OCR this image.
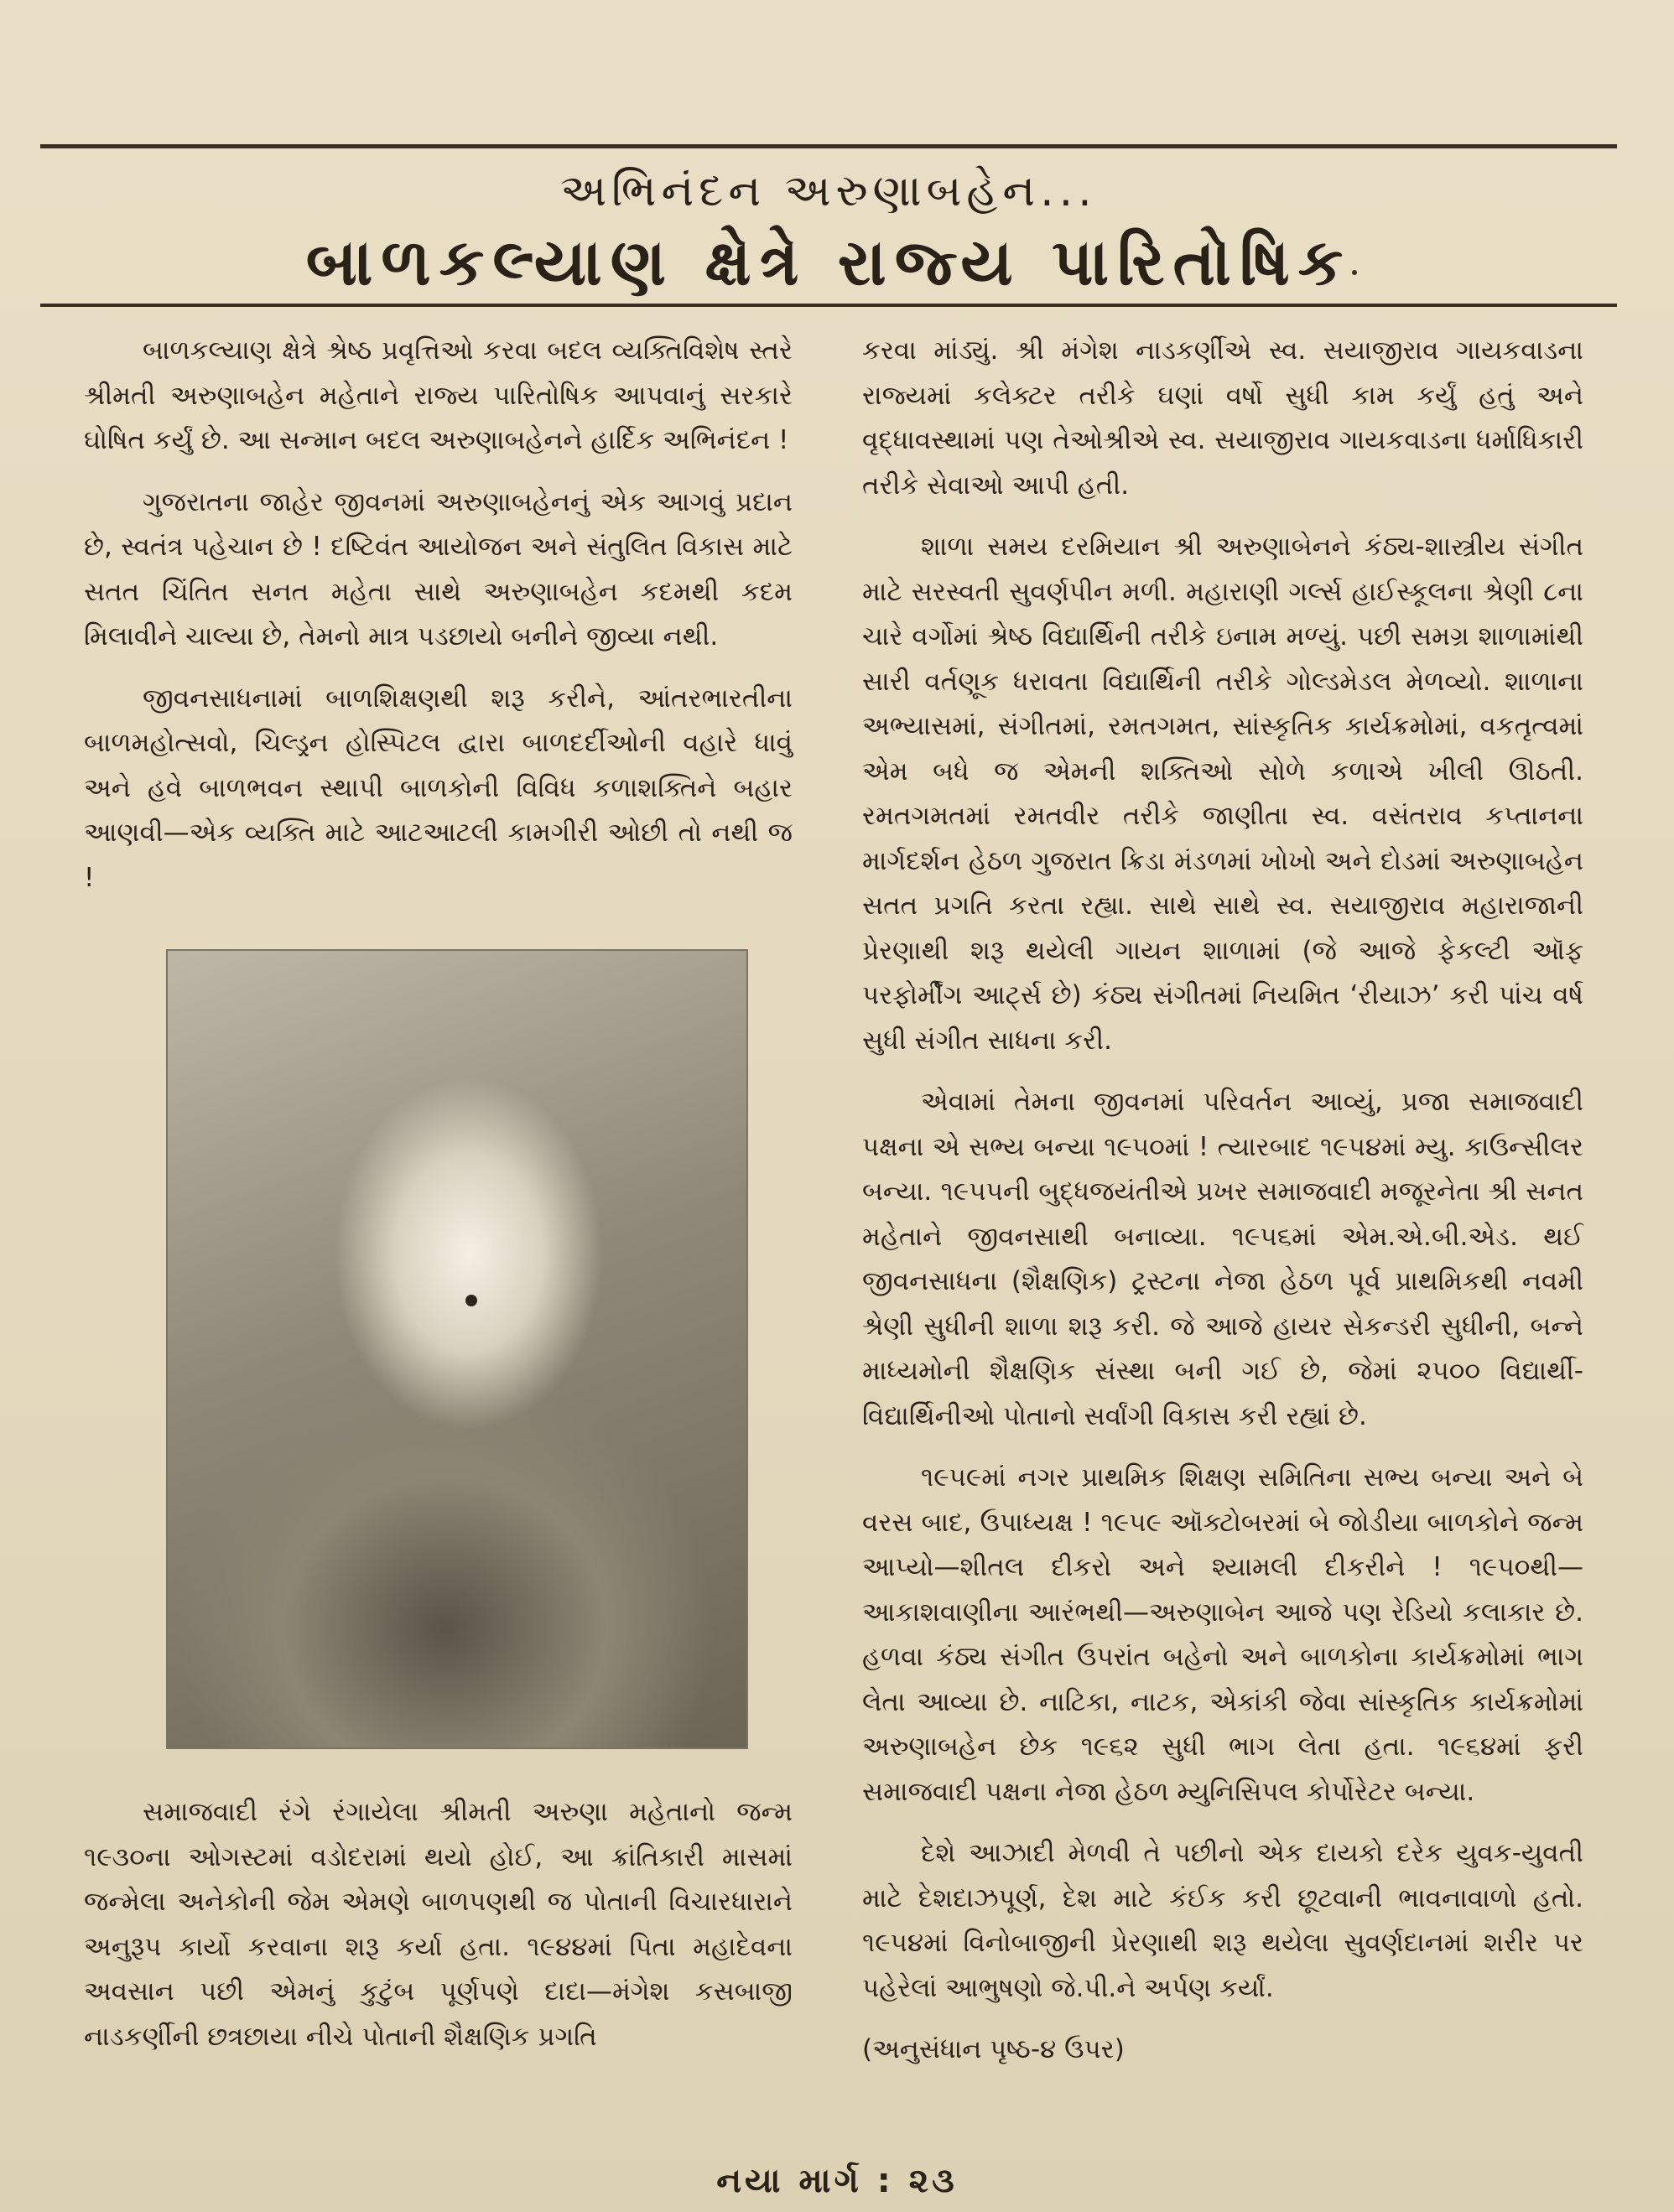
અભિનંદન અરુણાબહેન...
બાળકલ્યાણ ક્ષેત્રે રાજ્ય પારિતોષિક

બાળકલ્યાણ ક્ષેત્રે શ્રેષ્ઠ પ્રવૃત્તિઓ કરવા બદલ વ્યક્તિવિશેષ સ્તરે શ્રીમતી અરુણાબહેન મહેતાને રાજ્ય પારિતોષિક આપવાનું સરકારે ઘોષિત કર્યું છે. આ સન્માન બદલ અરુણાબહેનને હાર્દિક અભિનંદન !

ગુજરાતના જાહેર જીવનમાં અરુણાબહેનનું એક આગવું પ્રદાન છે, સ્વતંત્ર પહેચાન છે ! દષ્ટિવંત આયોજન અને સંતુલિત વિકાસ માટે સતત ચિંતિત સનત મહેતા સાથે અરુણાબહેન કદમથી કદમ મિલાવીને ચાલ્યા છે, તેમનો માત્ર પડછાયો બનીને જીવ્યા નથી.

જીવનસાધનામાં બાળશિક્ષણથી શરૂ કરીને, આંતરભારતીના બાળમહોત્સવો, ચિલ્ડ્રન હોસ્પિટલ દ્વારા બાળદર્દીઓની વહારે ધાવું અને હવે બાળભવન સ્થાપી બાળકોની વિવિધ કળાશક્તિને બહાર આણવી—એક વ્યક્તિ માટે આટઆટલી કામગીરી ઓછી તો નથી જ !

સમાજવાદી રંગે રંગાયેલા શ્રીમતી અરુણા મહેતાનો જન્મ ૧૯૩૦ના ઓગસ્ટમાં વડોદરામાં થયો હોઈ, આ ક્રાંતિકારી માસમાં જન્મેલા અનેકોની જેમ એમણે બાળપણથી જ પોતાની વિચારધારાને અનુરૂપ કાર્યો કરવાના શરૂ કર્યા હતા. ૧૯૪૪માં પિતા મહાદેવના અવસાન પછી એમનું કુટુંબ પૂર્ણપણે દાદા—મંગેશ કસબાજી નાડકર્ણીની છત્રછાયા નીચે પોતાની શૈક્ષણિક પ્રગતિ

કરવા માંડ્યું. શ્રી મંગેશ નાડકર્ણીએ સ્વ. સયાજીરાવ ગાયકવાડના રાજ્યમાં કલેક્ટર તરીકે ઘણાં વર્ષો સુધી કામ કર્યું હતું અને વૃદ્ધાવસ્થામાં પણ તેઓશ્રીએ સ્વ. સયાજીરાવ ગાયકવાડના ધર્માધિકારી તરીકે સેવાઓ આપી હતી.

શાળા સમય દરમિયાન શ્રી અરુણાબેનને કંઠ્ય-શાસ્ત્રીય સંગીત માટે સરસ્વતી સુવર્ણપીન મળી. મહારાણી ગર્લ્સ હાઈસ્કૂલના શ્રેણી ૮ના ચારે વર્ગોમાં શ્રેષ્ઠ વિદ્યાર્થિની તરીકે ઇનામ મળ્યું. પછી સમગ્ર શાળામાંથી સારી વર્તણૂક ધરાવતા વિદ્યાર્થિની તરીકે ગોલ્ડમેડલ મેળવ્યો. શાળાના અભ્યાસમાં, સંગીતમાં, રમતગમત, સાંસ્કૃતિક કાર્યક્રમોમાં, વકતૃત્વમાં એમ બધે જ એમની શક્તિઓ સોળે કળાએ ખીલી ઊઠતી. રમતગમતમાં રમતવીર તરીકે જાણીતા સ્વ. વસંતરાવ કપ્તાનના માર્ગદર્શન હેઠળ ગુજરાત ક્રિડા મંડળમાં ખોખો અને દોડમાં અરુણાબહેન સતત પ્રગતિ કરતા રહ્યા. સાથે સાથે સ્વ. સયાજીરાવ મહારાજાની પ્રેરણાથી શરૂ થયેલી ગાયન શાળામાં (જે આજે ફેકલ્ટી ઑફ પરફોર્મીંગ આર્ટ્સ છે) કંઠ્ય સંગીતમાં નિયમિત ‘રીયાઝ’ કરી પાંચ વર્ષ સુધી સંગીત સાધના કરી.

એવામાં તેમના જીવનમાં પરિવર્તન આવ્યું, પ્રજા સમાજવાદી પક્ષના એ સભ્ય બન્યા ૧૯૫૦માં ! ત્યારબાદ ૧૯૫૪માં મ્યુ. કાઉન્સીલર બન્યા. ૧૯૫૫ની બુદ્ધજયંતીએ પ્રખર સમાજવાદી મજૂરનેતા શ્રી સનત મહેતાને જીવનસાથી બનાવ્યા. ૧૯૫૬માં એમ.એ.બી.એડ. થઈ જીવનસાધના (શૈક્ષણિક) ટ્રસ્ટના નેજા હેઠળ પૂર્વ પ્રાથમિકથી નવમી શ્રેણી સુધીની શાળા શરૂ કરી. જે આજે હાયર સેકન્ડરી સુધીની, બન્ને માધ્યમોની શૈક્ષણિક સંસ્થા બની ગઈ છે, જેમાં ૨૫૦૦ વિદ્યાર્થી-વિદ્યાર્થિનીઓ પોતાનો સર્વાંગી વિકાસ કરી રહ્યાં છે.

૧૯૫૯માં નગર પ્રાથમિક શિક્ષણ સમિતિના સભ્ય બન્યા અને બે વરસ બાદ, ઉપાધ્યક્ષ ! ૧૯૫૯ ઑક્ટોબરમાં બે જોડીયા બાળકોને જન્મ આપ્યો—શીતલ દીકરો અને શ્યામલી દીકરીને ! ૧૯૫૦થી—આકાશવાણીના આરંભથી—અરુણાબેન આજે પણ રેડિયો કલાકાર છે. હળવા કંઠ્ય સંગીત ઉપરાંત બહેનો અને બાળકોના કાર્યક્રમોમાં ભાગ લેતા આવ્યા છે. નાટિકા, નાટક, એકાંકી જેવા સાંસ્કૃતિક કાર્યક્રમોમાં અરુણાબહેન છેક ૧૯૬૨ સુધી ભાગ લેતા હતા. ૧૯૬૪માં ફરી સમાજવાદી પક્ષના નેજા હેઠળ મ્યુનિસિપલ કોર્પોરેટર બન્યા.

દેશે આઝાદી મેળવી તે પછીનો એક દાયકો દરેક યુવક-યુવતી માટે દેશદાઝપૂર્ણ, દેશ માટે કંઈક કરી છૂટવાની ભાવનાવાળો હતો. ૧૯૫૪માં વિનોબાજીની પ્રેરણાથી શરૂ થયેલા સુવર્ણદાનમાં શરીર પર પહેરેલાં આભુષણો જે.પી.ને અર્પણ કર્યાં.

(અનુસંધાન પૃષ્ઠ-૪ ઉપર)

નયા માર્ગ : ૨૩
